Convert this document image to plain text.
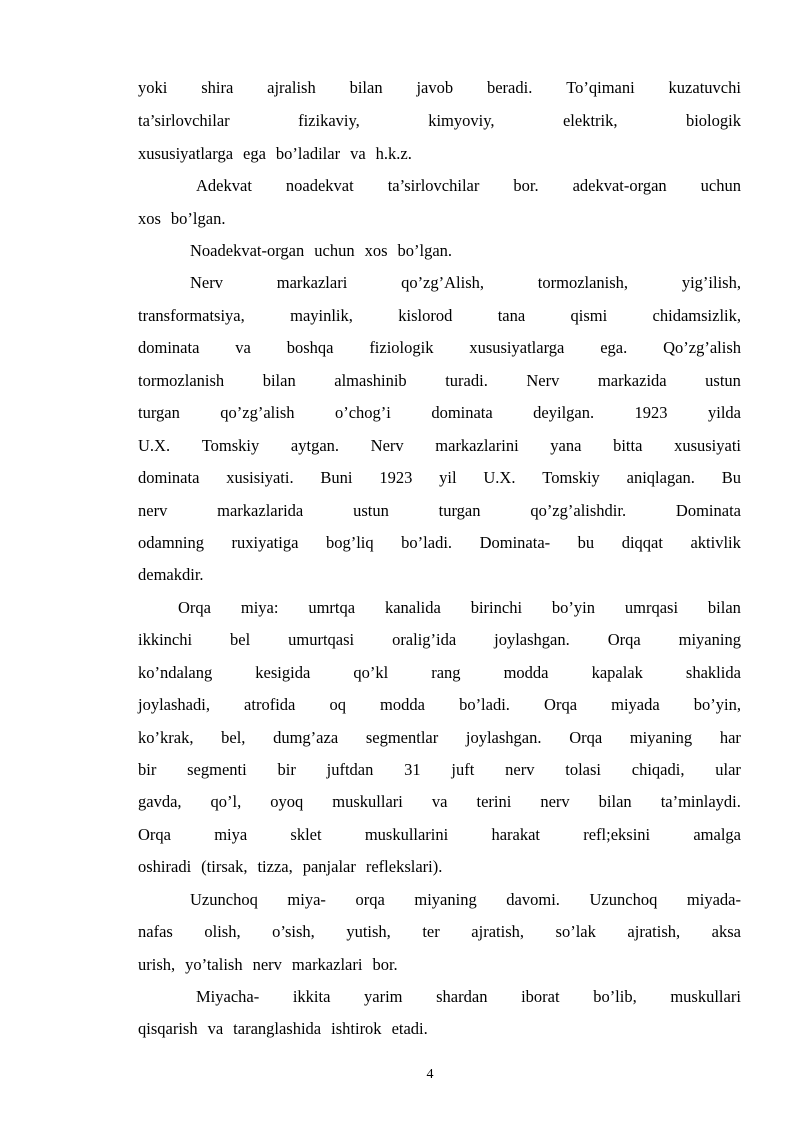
yoki shira ajralish bilan javob beradi. To’qimani kuzatuvchi
ta’sirlovchilar	fizikaviy,	kimyoviy,	elektrik,	biologik
xususiyatlarga ega bo’ladilar va h.k.z.
Adekvat noadekvat ta’sirlovchilar bor. adekvat-organ uchun
xos bo’lgan.
Noadekvat-organ uchun xos bo’lgan.
Nerv	markazlari	qo’zg’Alish,	tormozlanish,	yig’ilish,
transformatsiya,	mayinlik,	kislorod	tana	qismi	chidamsizlik,
dominata va boshqa fiziologik xususiyatlarga ega. Qo’zg’alish
tormozlanish bilan almashinib turadi. Nerv markazida ustun
turgan qo’zg’alish o’chog’i dominata deyilgan. 1923 yilda
U.X. Tomskiy aytgan. Nerv markazlarini yana bitta xususiyati
dominata xusisiyati. Buni 1923 yil U.X. Tomskiy aniqlagan. Bu
nerv	markazlarida	ustun	turgan	qo’zg’alishdir.	Dominata
odamning ruxiyatiga bog’liq bo’ladi. Dominata- bu diqqat aktivlik
demakdir.
Orqa miya: umrtqa kanalida birinchi bo’yin umrqasi bilan
ikkinchi bel umurtqasi oralig’ida joylashgan. Orqa miyaning
ko’ndalang	kesigida	qo’kl	rang	modda	kapalak	shaklida
joylashadi, atrofida oq modda bo’ladi. Orqa miyada bo’yin,
ko’krak, bel, dumg’aza segmentlar joylashgan. Orqa miyaning har
bir segmenti bir juftdan 31 juft nerv tolasi chiqadi, ular
gavda, qo’l, oyoq muskullari va terini nerv bilan ta’minlaydi.
Orqa	miya	sklet	muskullarini	harakat	refl;eksini	amalga
oshiradi (tirsak, tizza, panjalar reflekslari).
Uzunchoq miya- orqa miyaning davomi. Uzunchoq miyada-
nafas olish, o’sish, yutish, ter ajratish, so’lak ajratish, aksa
urish, yo’talish nerv markazlari bor.
Miyacha- ikkita yarim shardan iborat bo’lib, muskullari
qisqarish va taranglashida ishtirok etadi.
4
